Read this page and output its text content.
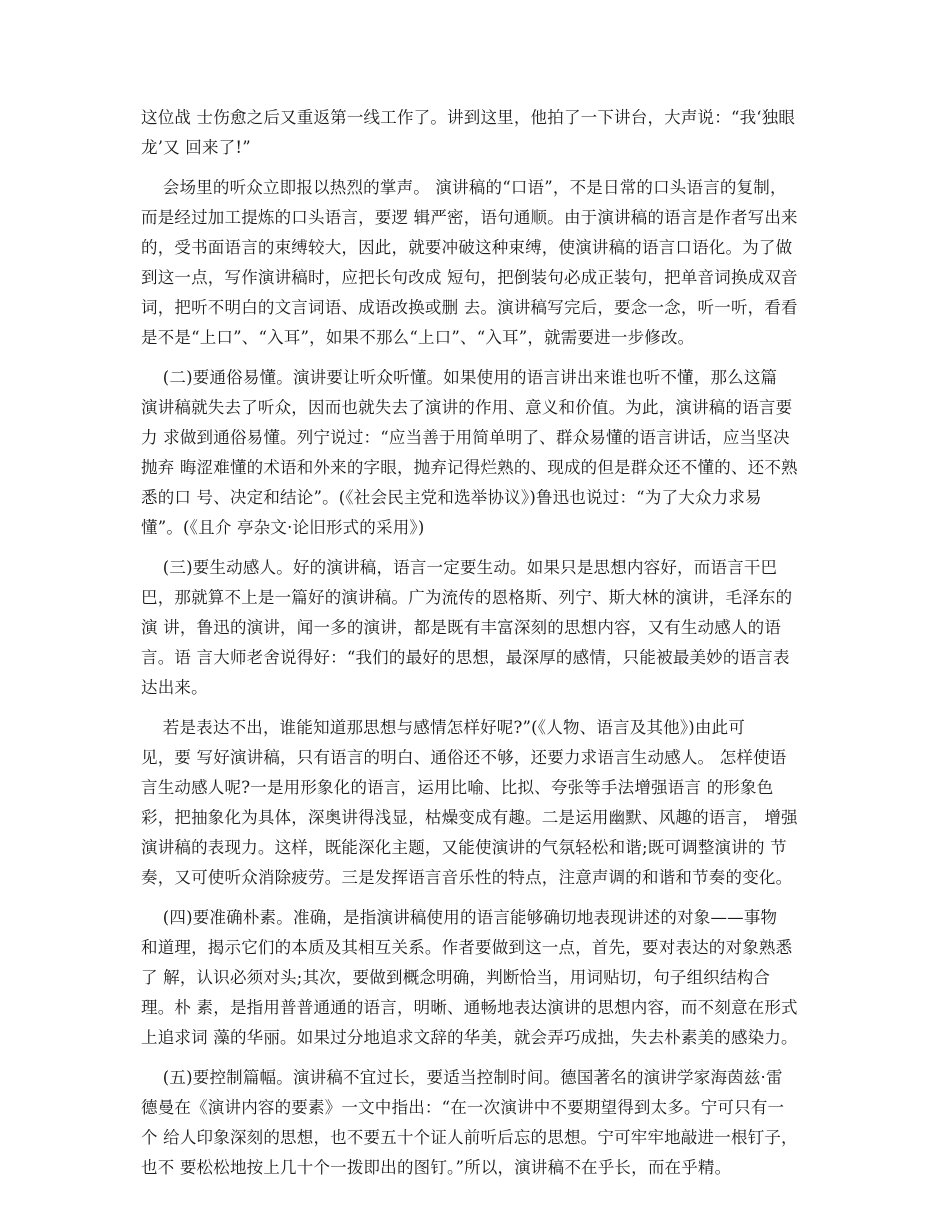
这位战 士伤愈之后又重返第一线工作了。讲到这里，他拍了一下讲台，大声说：“我‘独眼
龙’又 回来了!”
会场里的听众立即报以热烈的掌声。 演讲稿的“口语”，不是日常的口头语言的复制，
而是经过加工提炼的口头语言，要逻 辑严密，语句通顺。由于演讲稿的语言是作者写出来
的，受书面语言的束缚较大，因此，就要冲破这种束缚，使演讲稿的语言口语化。为了做
到这一点，写作演讲稿时，应把长句改成 短句，把倒装句必成正装句，把单音词换成双音
词，把听不明白的文言词语、成语改换或删 去。演讲稿写完后，要念一念，听一听，看看
是不是“上口”、“入耳”，如果不那么“上口”、“入耳”，就需要进一步修改。
(二)要通俗易懂。演讲要让听众听懂。如果使用的语言讲出来谁也听不懂，那么这篇
演讲稿就失去了听众，因而也就失去了演讲的作用、意义和价值。为此，演讲稿的语言要
力 求做到通俗易懂。列宁说过：“应当善于用简单明了、群众易懂的语言讲话，应当坚决
抛弃 晦涩难懂的术语和外来的字眼，抛弃记得烂熟的、现成的但是群众还不懂的、还不熟
悉的口 号、决定和结论”。(《社会民主党和选举协议》)鲁迅也说过：“为了大众力求易
懂”。(《且介 亭杂文·论旧形式的采用》)
(三)要生动感人。好的演讲稿，语言一定要生动。如果只是思想内容好，而语言干巴
巴，那就算不上是一篇好的演讲稿。广为流传的恩格斯、列宁、斯大林的演讲，毛泽东的
演 讲，鲁迅的演讲，闻一多的演讲，都是既有丰富深刻的思想内容，又有生动感人的语
言。语 言大师老舍说得好：“我们的最好的思想，最深厚的感情，只能被最美妙的语言表
达出来。
若是表达不出，谁能知道那思想与感情怎样好呢?”(《人物、语言及其他》)由此可
见，要 写好演讲稿，只有语言的明白、通俗还不够，还要力求语言生动感人。 怎样使语
言生动感人呢?一是用形象化的语言，运用比喻、比拟、夸张等手法增强语言 的形象色
彩，把抽象化为具体，深奥讲得浅显，枯燥变成有趣。二是运用幽默、风趣的语言， 增强
演讲稿的表现力。这样，既能深化主题，又能使演讲的气氛轻松和谐;既可调整演讲的 节
奏，又可使听众消除疲劳。三是发挥语言音乐性的特点，注意声调的和谐和节奏的变化。
(四)要准确朴素。准确，是指演讲稿使用的语言能够确切地表现讲述的对象——事物
和道理，揭示它们的本质及其相互关系。作者要做到这一点，首先，要对表达的对象熟悉
了 解，认识必须对头;其次，要做到概念明确，判断恰当，用词贴切，句子组织结构合
理。朴 素，是指用普普通通的语言，明晰、通畅地表达演讲的思想内容，而不刻意在形式
上追求词 藻的华丽。如果过分地追求文辞的华美，就会弄巧成拙，失去朴素美的感染力。
(五)要控制篇幅。演讲稿不宜过长，要适当控制时间。德国著名的演讲学家海茵兹·雷
德曼在《演讲内容的要素》一文中指出：“在一次演讲中不要期望得到太多。宁可只有一
个 给人印象深刻的思想，也不要五十个证人前听后忘的思想。宁可牢牢地敲进一根钉子，
也不 要松松地按上几十个一拨即出的图钉。”所以，演讲稿不在乎长，而在乎精。
